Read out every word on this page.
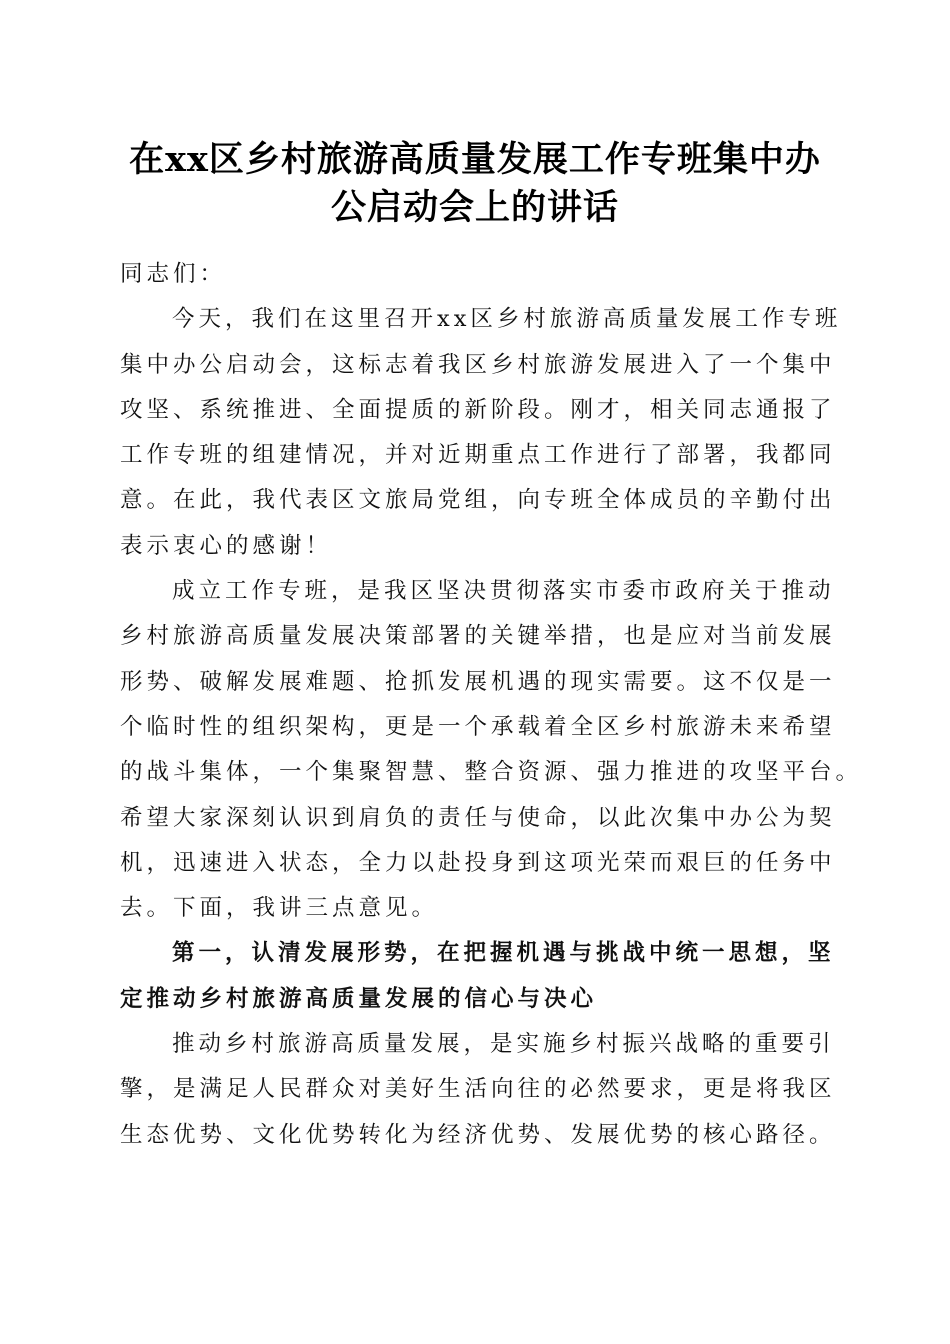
在xx区乡村旅游高质量发展工作专班集中办
公启动会上的讲话

同志们：

今天，我们在这里召开xx区乡村旅游高质量发展工作专班
集中办公启动会，这标志着我区乡村旅游发展进入了一个集中
攻坚、系统推进、全面提质的新阶段。刚才，相关同志通报了
工作专班的组建情况，并对近期重点工作进行了部署，我都同
意。在此，我代表区文旅局党组，向专班全体成员的辛勤付出
表示衷心的感谢！

成立工作专班，是我区坚决贯彻落实市委市政府关于推动
乡村旅游高质量发展决策部署的关键举措，也是应对当前发展
形势、破解发展难题、抢抓发展机遇的现实需要。这不仅是一
个临时性的组织架构，更是一个承载着全区乡村旅游未来希望
的战斗集体，一个集聚智慧、整合资源、强力推进的攻坚平台。
希望大家深刻认识到肩负的责任与使命，以此次集中办公为契
机，迅速进入状态，全力以赴投身到这项光荣而艰巨的任务中
去。下面，我讲三点意见。

第一，认清发展形势，在把握机遇与挑战中统一思想，坚
定推动乡村旅游高质量发展的信心与决心

推动乡村旅游高质量发展，是实施乡村振兴战略的重要引
擎，是满足人民群众对美好生活向往的必然要求，更是将我区
生态优势、文化优势转化为经济优势、发展优势的核心路径。
